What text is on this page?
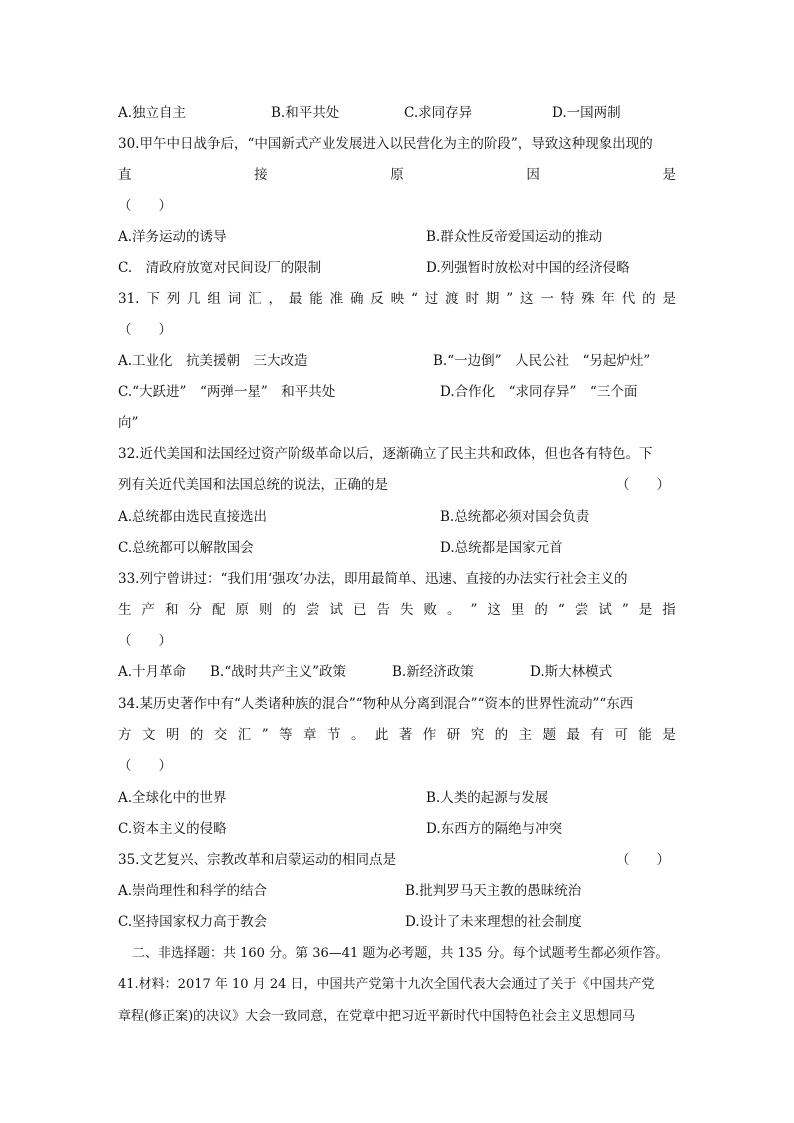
A.独立自主	B.和平共处	C.求同存异	D.一国两制
30.甲午中日战争后，“中国新式产业发展进入以民营化为主的阶段”，导致这种现象出现的
直	接	原	因	是
（　　）
A.洋务运动的诱导	B.群众性反帝爱国运动的推动
C.　清政府放宽对民间设厂的限制	D.列强暂时放松对中国的经济侵略
31. 下 列 几 组 词 汇 ， 最 能 准 确 反 映 “ 过 渡 时 期 ” 这 一 特 殊 年 代 的 是
（　　）
A.工业化　抗美援朝　三大改造	B.“一边倒”　人民公社　“另起炉灶”
C.“大跃进”　“两弹一星”　和平共处	D.合作化　“求同存异”　“三个面
向”
32.近代美国和法国经过资产阶级革命以后，逐渐确立了民主共和政体，但也各有特色。下
列有关近代美国和法国总统的说法，正确的是	（　　）
A.总统都由选民直接选出	B.总统都必须对国会负责
C.总统都可以解散国会	D.总统都是国家元首
33.列宁曾讲过：“我们用‘强攻’办法，即用最简单、迅速、直接的办法实行社会主义的
生 产 和 分 配 原 则 的 尝 试 已 告 失 败 。 ” 这 里 的 “ 尝 试 ” 是 指
（　　）
A.十月革命 B.“战时共产主义”政策	B.新经济政策	D.斯大林模式
34.某历史著作中有“人类诸种族的混合”“物种从分离到混合”“资本的世界性流动”“东西
方 文 明 的 交 汇 ” 等 章 节 。 此 著 作 研 究 的 主 题 最 有 可 能 是
（　　）
A.全球化中的世界	B.人类的起源与发展
C.资本主义的侵略	D.东西方的隔绝与冲突
35.文艺复兴、宗教改革和启蒙运动的相同点是	（　　）
A.崇尚理性和科学的结合	B.批判罗马天主教的愚昧统治
C.坚持国家权力高于教会	D.设计了未来理想的社会制度
二、非选择题：共 160 分。第 36—41 题为必考题，共 135 分。每个试题考生都必须作答。
41.材料：2017 年 10 月 24 日，中国共产党第十九次全国代表大会通过了关于《中国共产党
章程(修正案)的决议》大会一致同意，在党章中把习近平新时代中国特色社会主义思想同马
